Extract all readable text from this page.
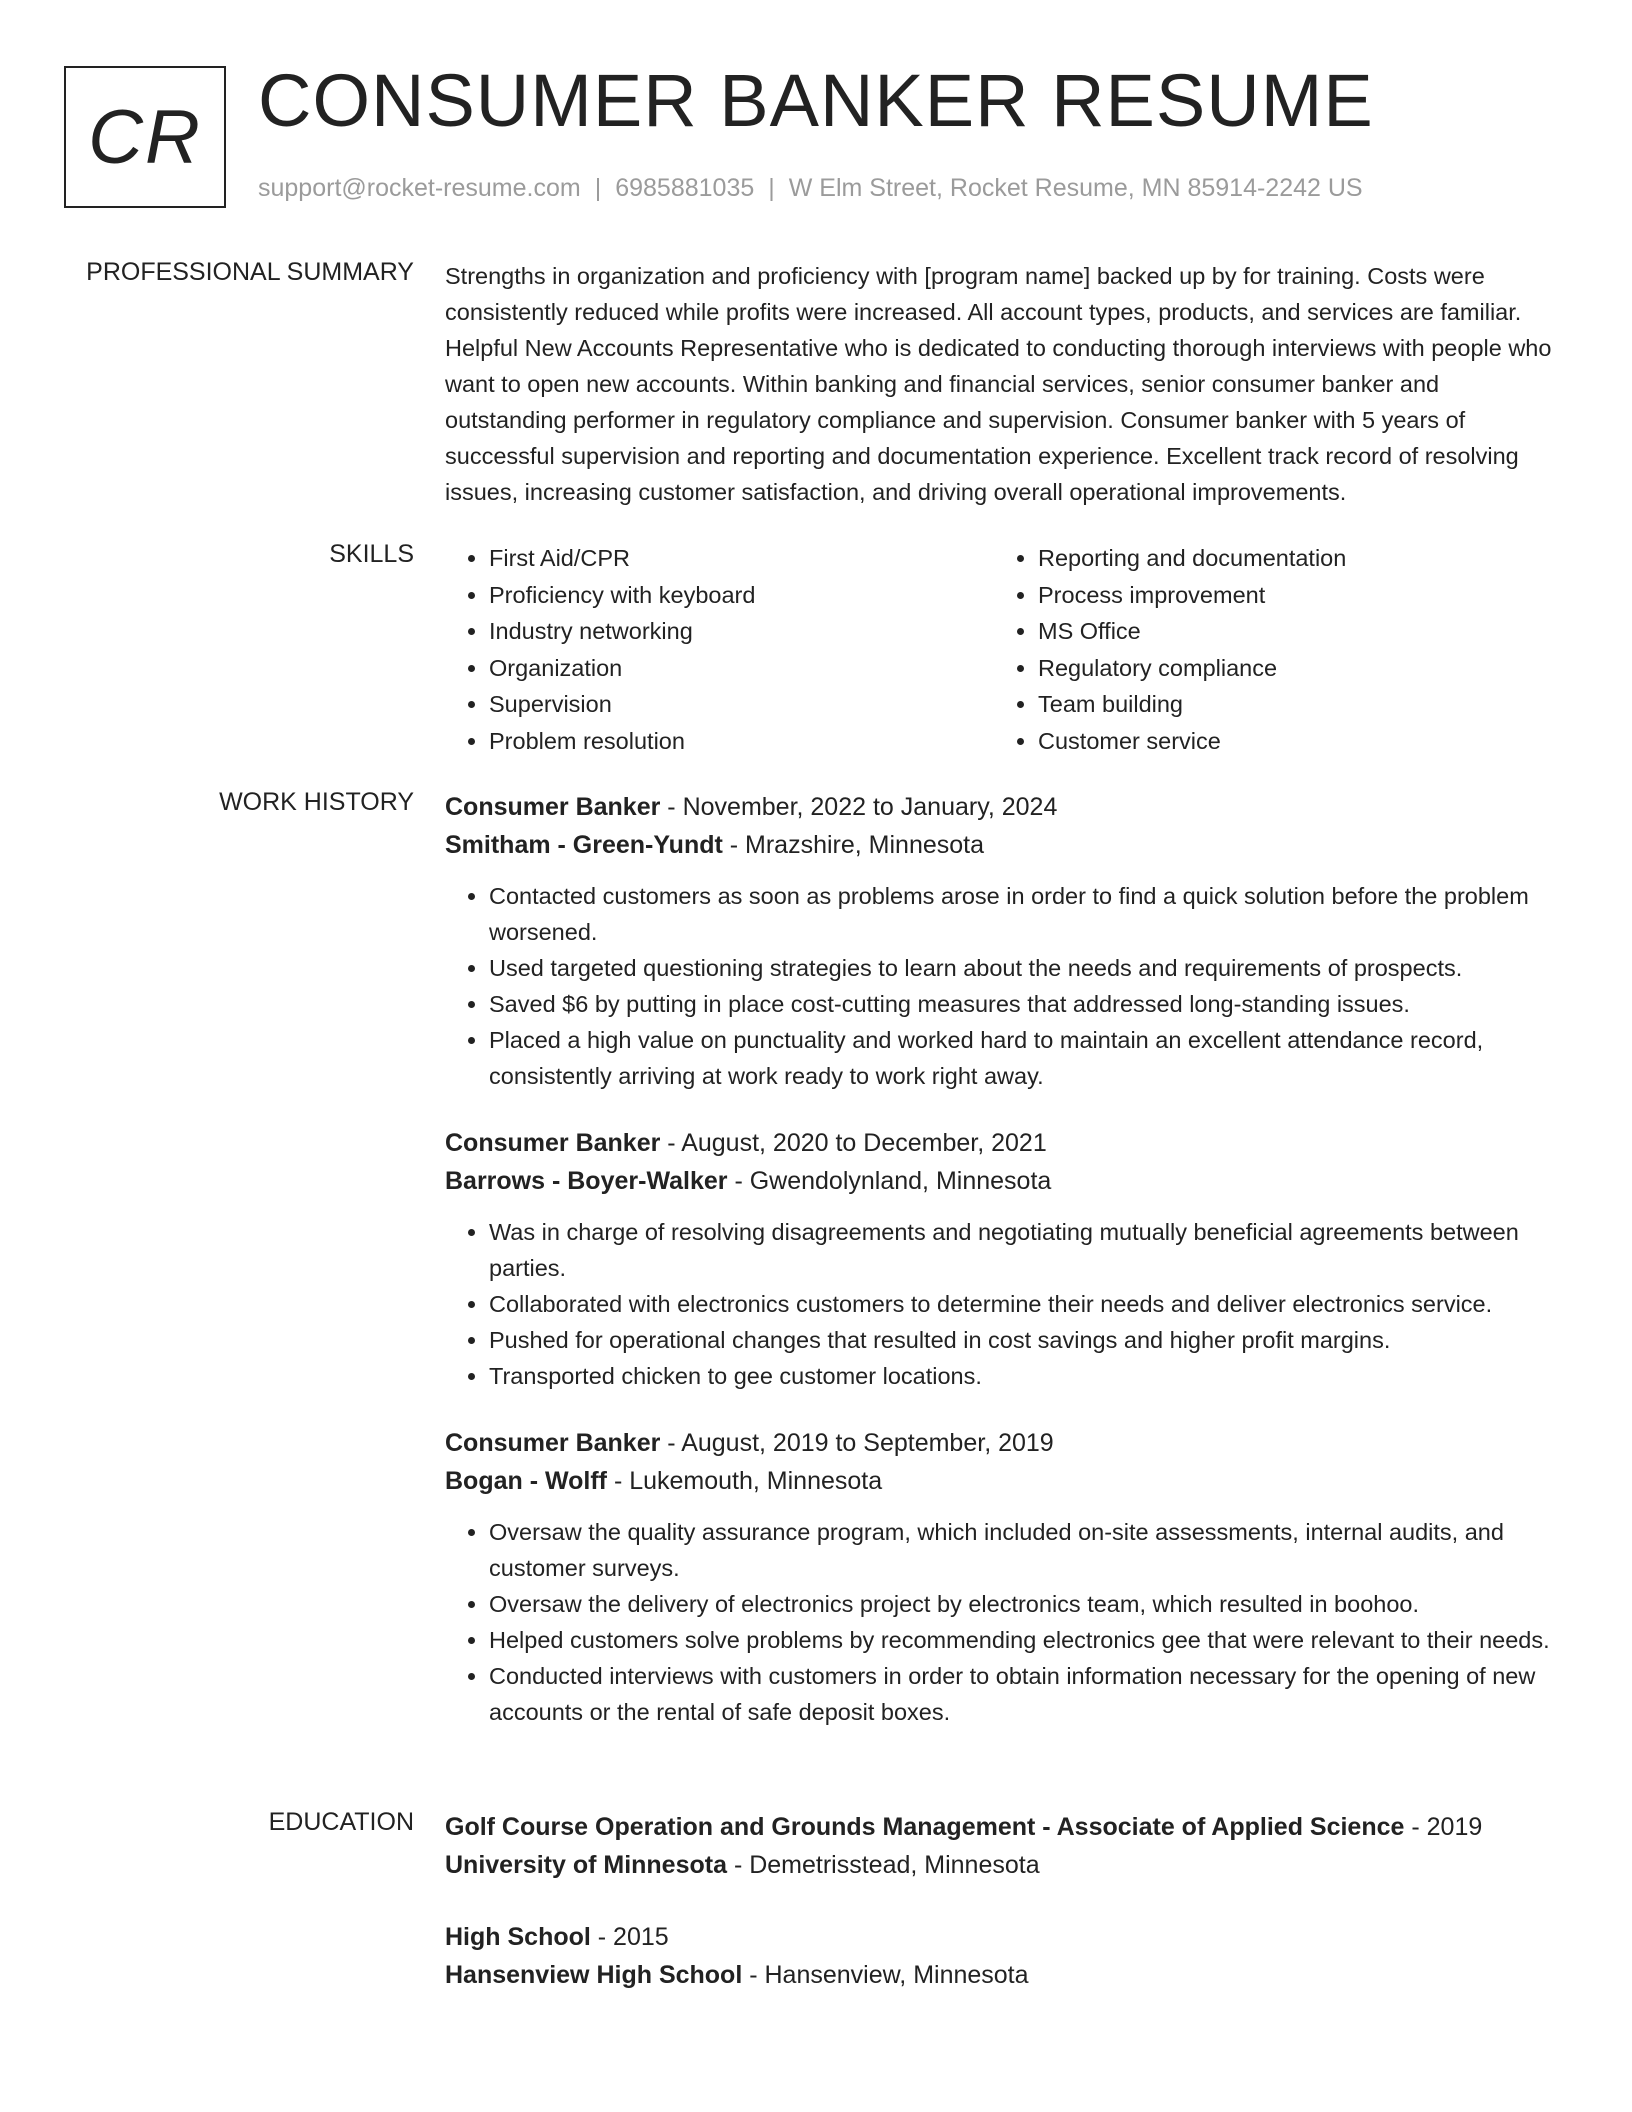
CR CONSUMER BANKER RESUME
support@rocket-resume.com | 6985881035 | W Elm Street, Rocket Resume, MN 85914-2242 US
PROFESSIONAL SUMMARY Strengths in organization and proficiency with [program name] backed up by for training. Costs were consistently reduced while profits were increased. All account types, products, and services are familiar. Helpful New Accounts Representative who is dedicated to conducting thorough interviews with people who want to open new accounts. Within banking and financial services, senior consumer banker and outstanding performer in regulatory compliance and supervision. Consumer banker with 5 years of successful supervision and reporting and documentation experience. Excellent track record of resolving issues, increasing customer satisfaction, and driving overall operational improvements.

SKILLS
•	First Aid/CPR
• Proficiency with keyboard
• Industry networking
• Organization
• Supervision
• Problem resolution
• Reporting and documentation
• Process improvement
• MS Office
• Regulatory compliance
• Team building
• Customer service
WORK HISTORY Consumer Banker - November, 2022 to January, 2024
Smitham - Green-Yundt - Mrazshire, Minnesota
• Contacted customers as soon as problems arose in order to find a quick solution before the problem worsened.
• Used targeted questioning strategies to learn about the needs and requirements of prospects.
• Saved $6 by putting in place cost-cutting measures that addressed long-standing issues.
• Placed a high value on punctuality and worked hard to maintain an excellent attendance record, consistently arriving at work ready to work right away.
Consumer Banker - August, 2020 to December, 2021
Barrows - Boyer-Walker - Gwendolynland, Minnesota
• Was in charge of resolving disagreements and negotiating mutually beneficial agreements between parties.
• Collaborated with electronics customers to determine their needs and deliver electronics service.
• Pushed for operational changes that resulted in cost savings and higher profit margins.
• Transported chicken to gee customer locations.
Consumer Banker - August, 2019 to September, 2019
Bogan - Wolff - Lukemouth, Minnesota
• Oversaw the quality assurance program, which included on-site assessments, internal audits, and customer surveys.
• Oversaw the delivery of electronics project by electronics team, which resulted in boohoo.
• Helped customers solve problems by recommending electronics gee that were relevant to their needs.
• Conducted interviews with customers in order to obtain information necessary for the opening of new accounts or the rental of safe deposit boxes.
EDUCATION Golf Course Operation and Grounds Management - Associate of Applied Science - 2019
University of Minnesota - Demetrisstead, Minnesota
High School - 2015
Hansenview High School - Hansenview, Minnesota
